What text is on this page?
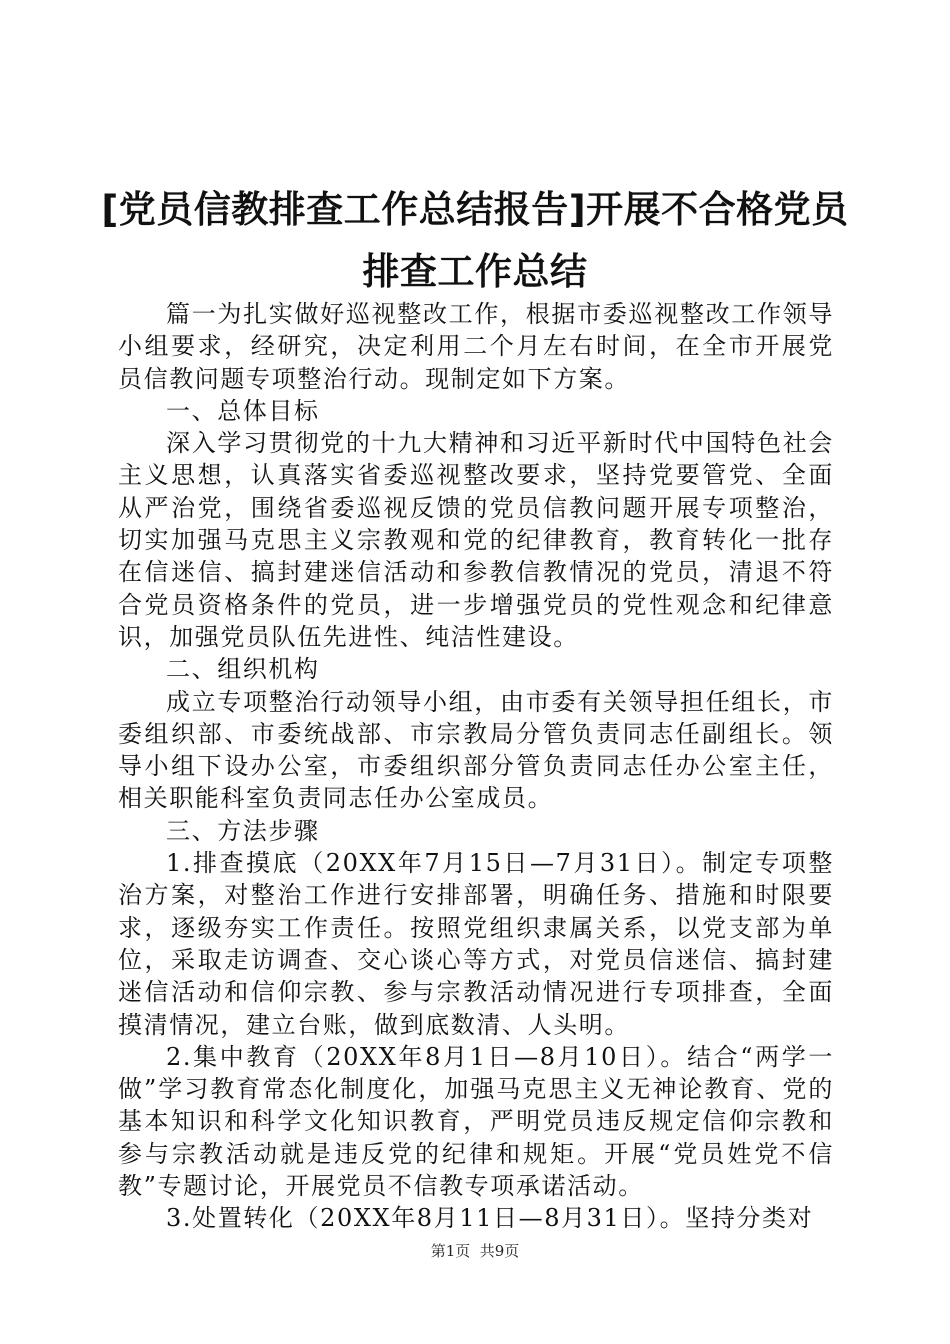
[党员信教排查工作总结报告]开展不合格党员
排查工作总结

篇一为扎实做好巡视整改工作，根据市委巡视整改工作领导小组要求，经研究，决定利用二个月左右时间，在全市开展党员信教问题专项整治行动。现制定如下方案。

一、总体目标

深入学习贯彻党的十九大精神和习近平新时代中国特色社会主义思想，认真落实省委巡视整改要求，坚持党要管党、全面从严治党，围绕省委巡视反馈的党员信教问题开展专项整治，切实加强马克思主义宗教观和党的纪律教育，教育转化一批存在信迷信、搞封建迷信活动和参教信教情况的党员，清退不符合党员资格条件的党员，进一步增强党员的党性观念和纪律意识，加强党员队伍先进性、纯洁性建设。

二、组织机构

成立专项整治行动领导小组，由市委有关领导担任组长，市委组织部、市委统战部、市宗教局分管负责同志任副组长。领导小组下设办公室，市委组织部分管负责同志任办公室主任，相关职能科室负责同志任办公室成员。

三、方法步骤

1.排查摸底（20XX年7月15日—7月31日）。制定专项整治方案，对整治工作进行安排部署，明确任务、措施和时限要求，逐级夯实工作责任。按照党组织隶属关系，以党支部为单位，采取走访调查、交心谈心等方式，对党员信迷信、搞封建迷信活动和信仰宗教、参与宗教活动情况进行专项排查，全面摸清情况，建立台账，做到底数清、人头明。

2.集中教育（20XX年8月1日—8月10日）。结合“两学一做”学习教育常态化制度化，加强马克思主义无神论教育、党的基本知识和科学文化知识教育，严明党员违反规定信仰宗教和参与宗教活动就是违反党的纪律和规矩。开展“党员姓党不信教”专题讨论，开展党员不信教专项承诺活动。

3.处置转化（20XX年8月11日—8月31日）。坚持分类对

第1页  共9页
